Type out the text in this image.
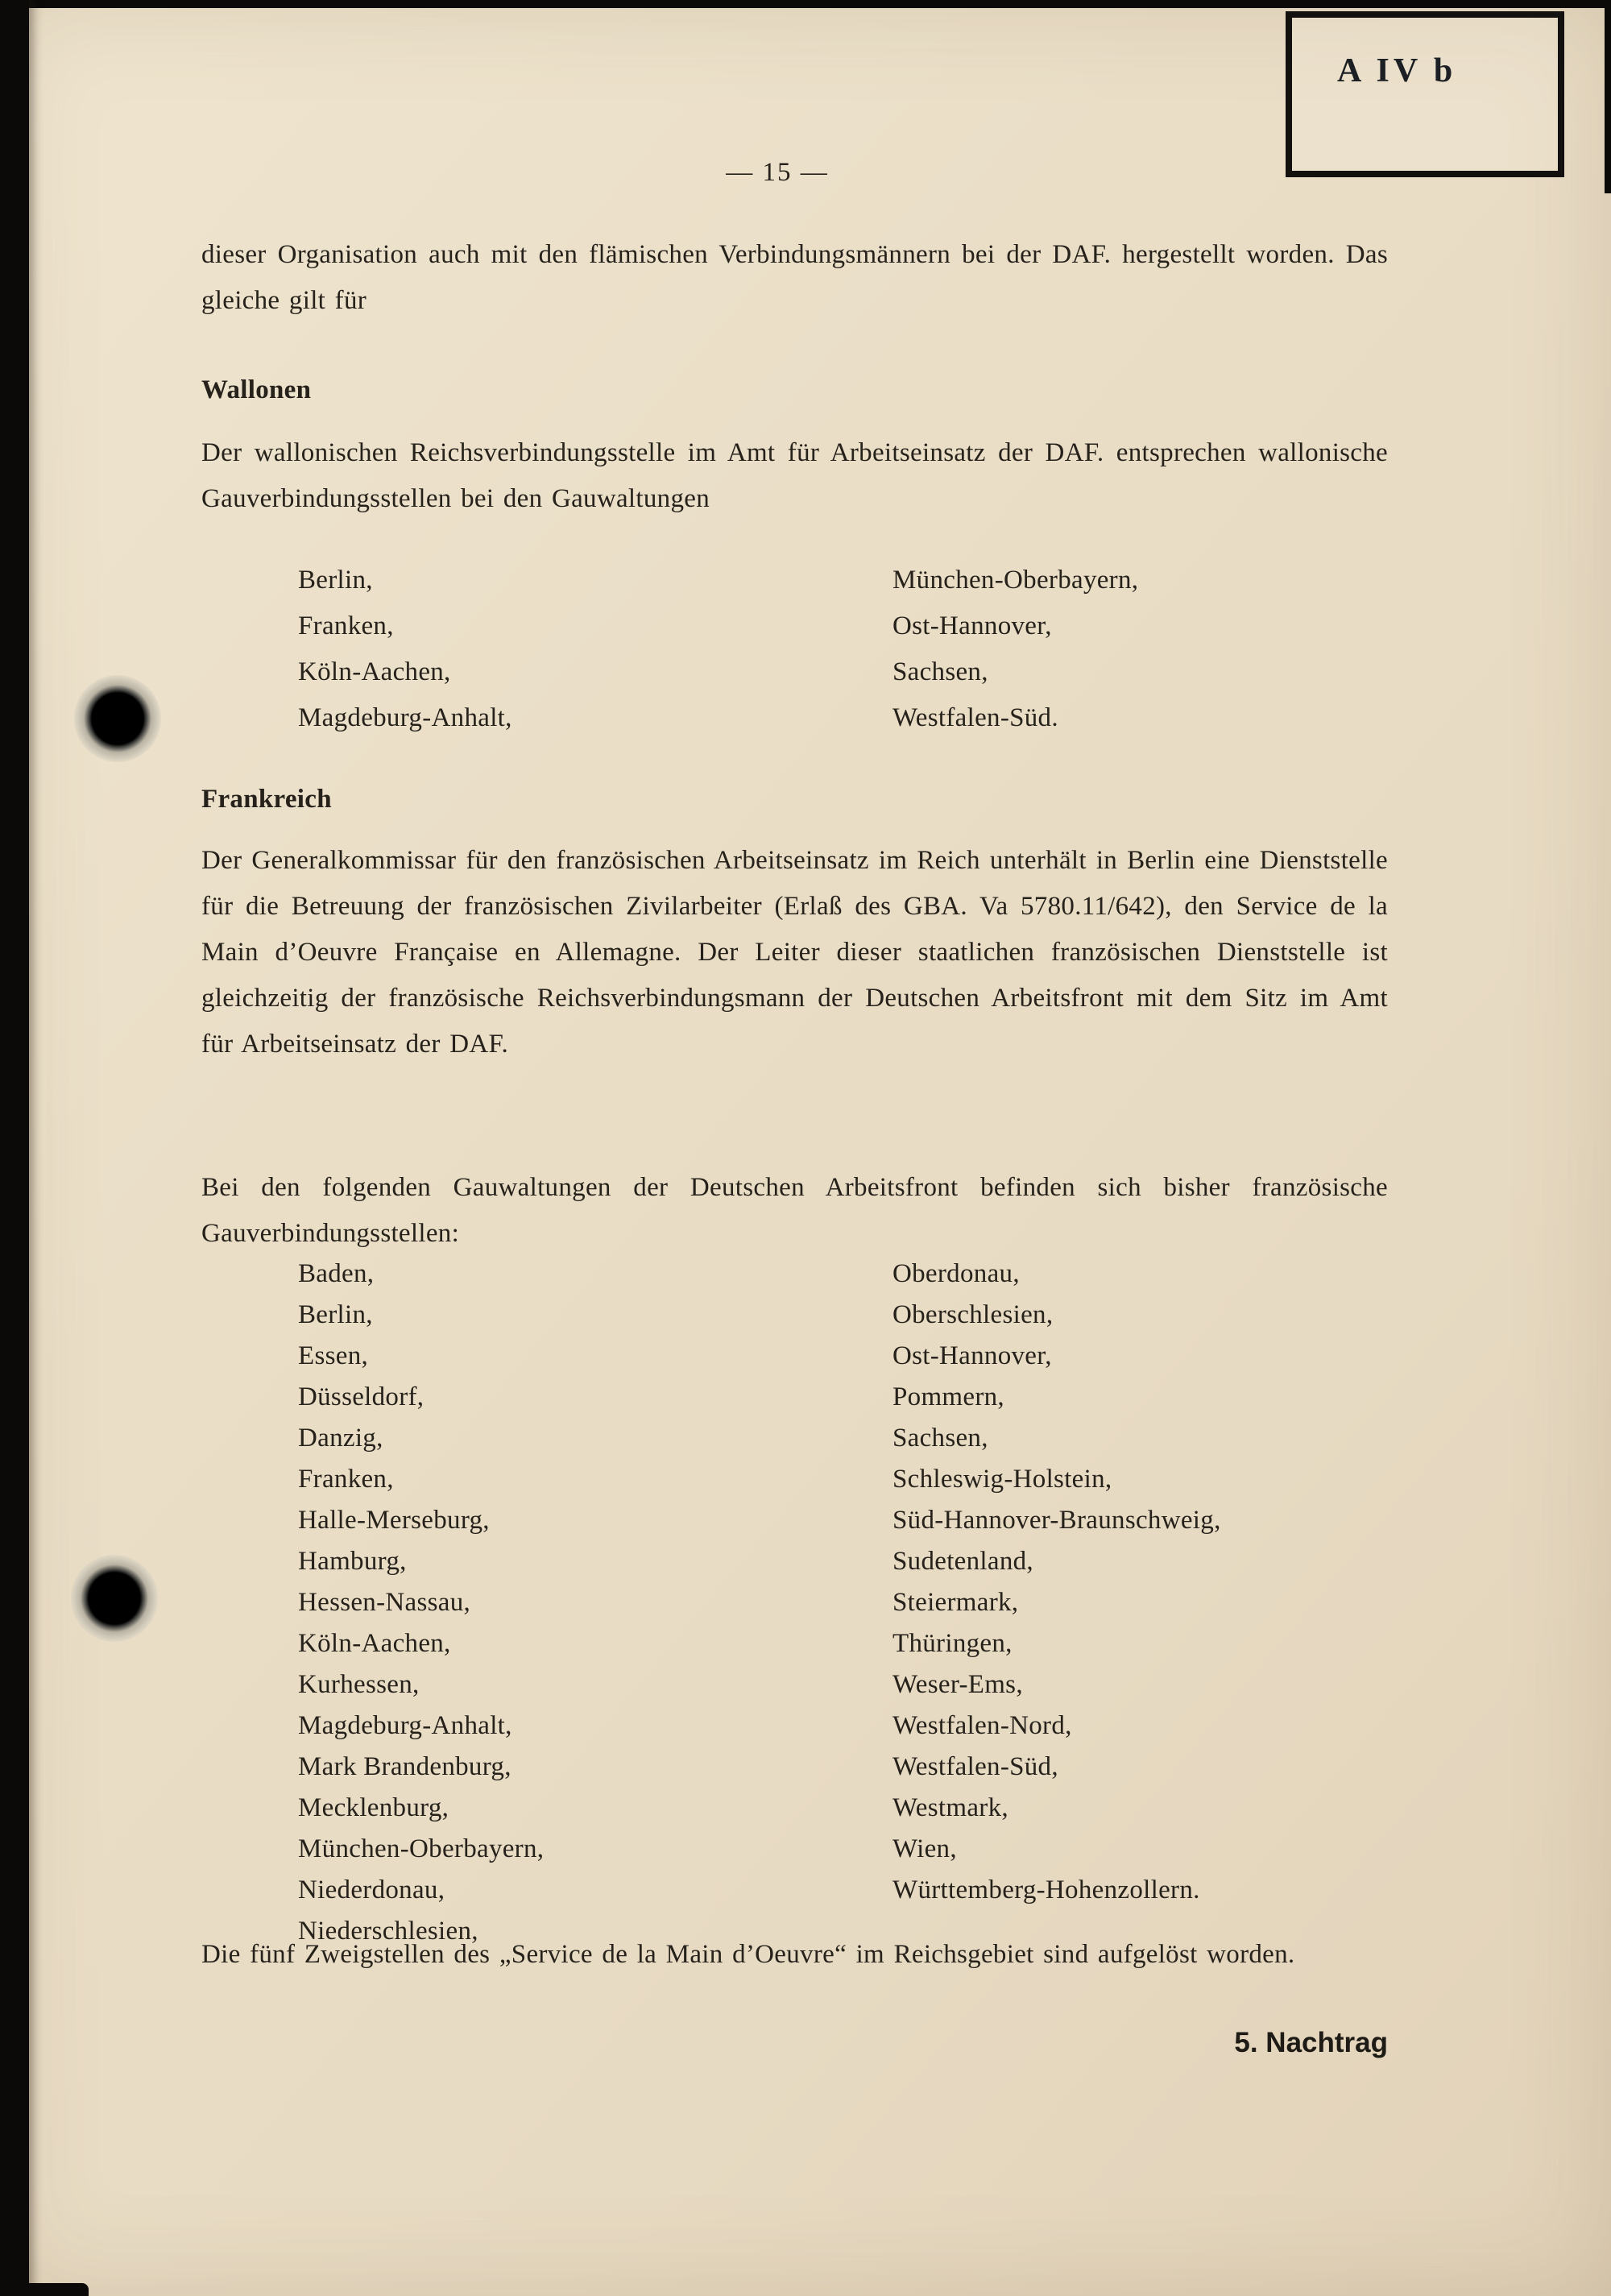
A IV b
— 15 —
dieser Organisation auch mit den flämischen Verbindungsmännern bei der DAF. hergestellt worden. Das gleiche gilt für
Wallonen
Der wallonischen Reichsverbindungsstelle im Amt für Arbeitseinsatz der DAF. entsprechen wallonische Gauverbindungsstellen bei den Gauwaltungen
Berlin,
Franken,
Köln-Aachen,
Magdeburg-Anhalt,
München-Oberbayern,
Ost-Hannover,
Sachsen,
Westfalen-Süd.
Frankreich
Der Generalkommissar für den französischen Arbeitseinsatz im Reich unterhält in Berlin eine Dienststelle für die Betreuung der französischen Zivilarbeiter (Erlaß des GBA. Va 5780.11/642), den Service de la Main d’Oeuvre Française en Allemagne. Der Leiter dieser staatlichen französischen Dienststelle ist gleichzeitig der französische Reichsverbindungsmann der Deutschen Arbeitsfront mit dem Sitz im Amt für Arbeitseinsatz der DAF.
Bei den folgenden Gauwaltungen der Deutschen Arbeitsfront befinden sich bisher französische Gauverbindungsstellen:
Baden,
Berlin,
Essen,
Düsseldorf,
Danzig,
Franken,
Halle-Merseburg,
Hamburg,
Hessen-Nassau,
Köln-Aachen,
Kurhessen,
Magdeburg-Anhalt,
Mark Brandenburg,
Mecklenburg,
München-Oberbayern,
Niederdonau,
Niederschlesien,
Oberdonau,
Oberschlesien,
Ost-Hannover,
Pommern,
Sachsen,
Schleswig-Holstein,
Süd-Hannover-Braunschweig,
Sudetenland,
Steiermark,
Thüringen,
Weser-Ems,
Westfalen-Nord,
Westfalen-Süd,
Westmark,
Wien,
Württemberg-Hohenzollern.
Die fünf Zweigstellen des „Service de la Main d’Oeuvre“ im Reichsgebiet sind aufgelöst worden.
5. Nachtrag
